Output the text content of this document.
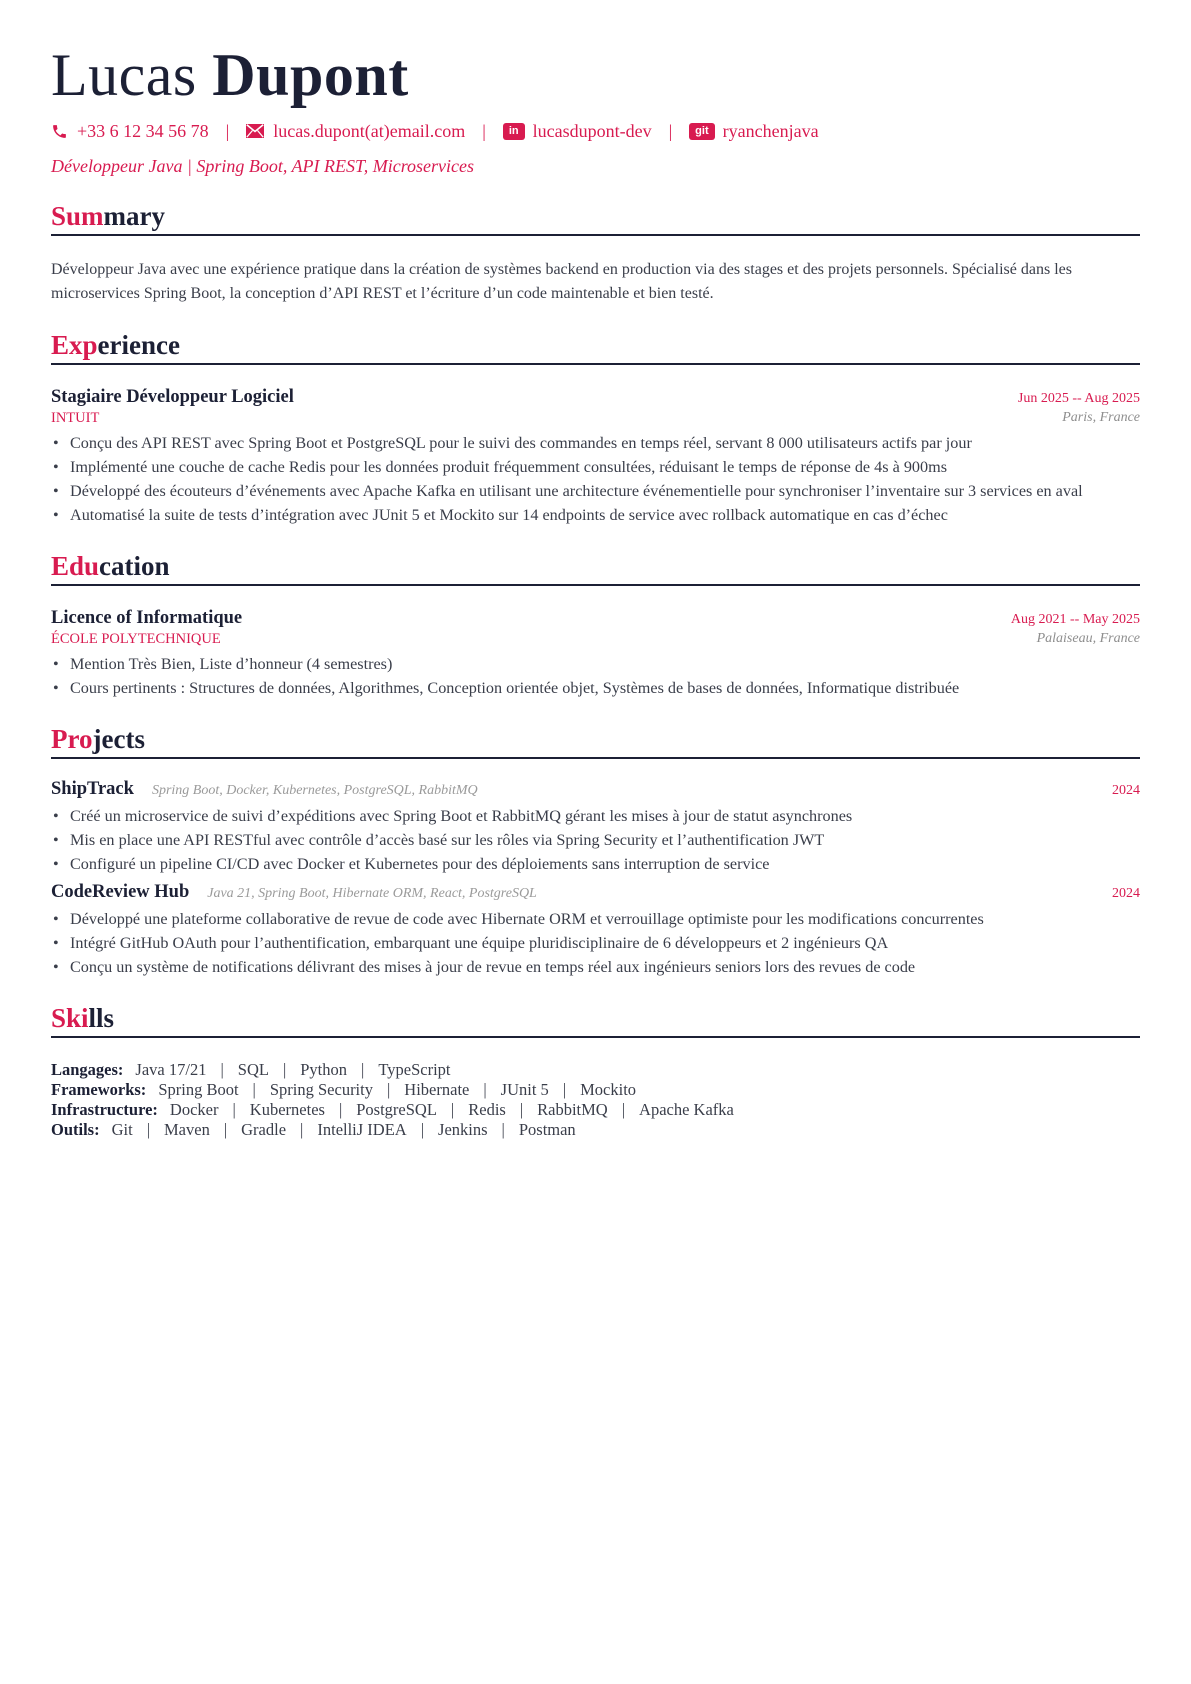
Lucas Dupont
+33 6 12 34 56 78 | lucas.dupont(at)email.com |	in lucasdupont-dev |	git ryanchenjava
Développeur Java | Spring Boot, API REST, Microservices
Summary
Développeur Java avec une expérience pratique dans la création de systèmes backend en production via des stages et des projets personnels. Spécialisé dans les microservices Spring Boot, la conception d’API REST et l’écriture d’un code maintenable et bien testé.
Experience
Stagiaire Développeur Logiciel	Jun 2025 -- Aug 2025
INTUIT	Paris, France
• Conçu des API REST avec Spring Boot et PostgreSQL pour le suivi des commandes en temps réel, servant 8 000 utilisateurs actifs par jour
• Implémenté une couche de cache Redis pour les données produit fréquemment consultées, réduisant le temps de réponse de 4s à 900ms
• Développé des écouteurs d’événements avec Apache Kafka en utilisant une architecture événementielle pour synchroniser l’inventaire sur 3 services en aval
• Automatisé la suite de tests d’intégration avec JUnit 5 et Mockito sur 14 endpoints de service avec rollback automatique en cas d’échec
Education
Licence of Informatique	Aug 2021 -- May 2025
ÉCOLE POLYTECHNIQUE	Palaiseau, France
• Mention Très Bien, Liste d’honneur (4 semestres)
• Cours pertinents : Structures de données, Algorithmes, Conception orientée objet, Systèmes de bases de données, Informatique distribuée
Projects
ShipTrack Spring Boot, Docker, Kubernetes, PostgreSQL, RabbitMQ	2024
• Créé un microservice de suivi d’expéditions avec Spring Boot et RabbitMQ gérant les mises à jour de statut asynchrones
• Mis en place une API RESTful avec contrôle d’accès basé sur les rôles via Spring Security et l’authentification JWT
• Configuré un pipeline CI/CD avec Docker et Kubernetes pour des déploiements sans interruption de service
CodeReview Hub Java 21, Spring Boot, Hibernate ORM, React, PostgreSQL	2024
• Développé une plateforme collaborative de revue de code avec Hibernate ORM et verrouillage optimiste pour les modifications concurrentes
• Intégré GitHub OAuth pour l’authentification, embarquant une équipe pluridisciplinaire de 6 développeurs et 2 ingénieurs QA
• Conçu un système de notifications délivrant des mises à jour de revue en temps réel aux ingénieurs seniors lors des revues de code
Skills
Langages: Java 17/21 | SQL | Python | TypeScript
Frameworks: Spring Boot | Spring Security | Hibernate | JUnit 5 | Mockito
Infrastructure: Docker | Kubernetes | PostgreSQL | Redis | RabbitMQ | Apache Kafka
Outils: Git | Maven | Gradle | IntelliJ IDEA | Jenkins | Postman
